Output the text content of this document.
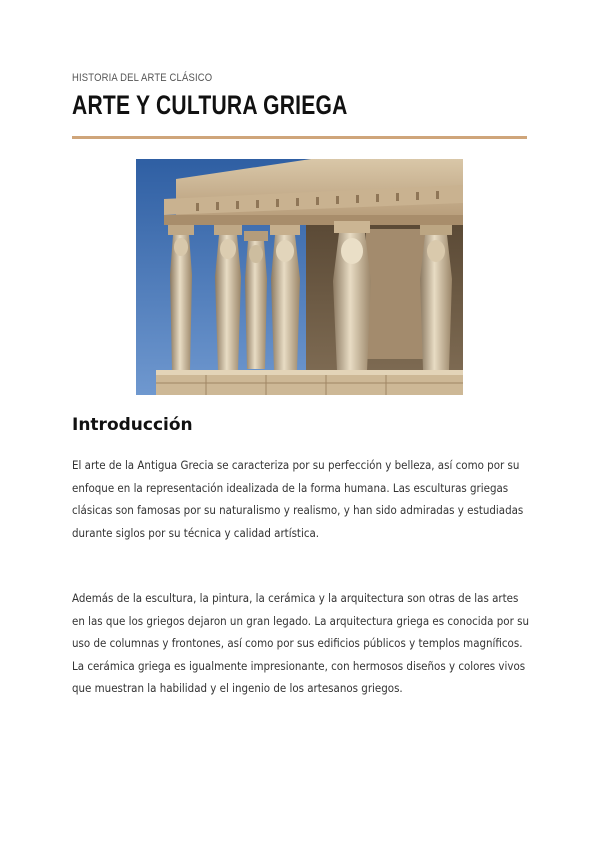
HISTORIA DEL ARTE CLÁSICO
ARTE Y CULTURA GRIEGA
Introducción
El arte de la Antigua Grecia se caracteriza por su perfección y belleza, así como por su
enfoque en la representación idealizada de la forma humana. Las esculturas griegas
clásicas son famosas por su naturalismo y realismo, y han sido admiradas y estudiadas
durante siglos por su técnica y calidad artística.
Además de la escultura, la pintura, la cerámica y la arquitectura son otras de las artes
en las que los griegos dejaron un gran legado. La arquitectura griega es conocida por su
uso de columnas y frontones, así como por sus edificios públicos y templos magníficos.
La cerámica griega es igualmente impresionante, con hermosos diseños y colores vivos
que muestran la habilidad y el ingenio de los artesanos griegos.
